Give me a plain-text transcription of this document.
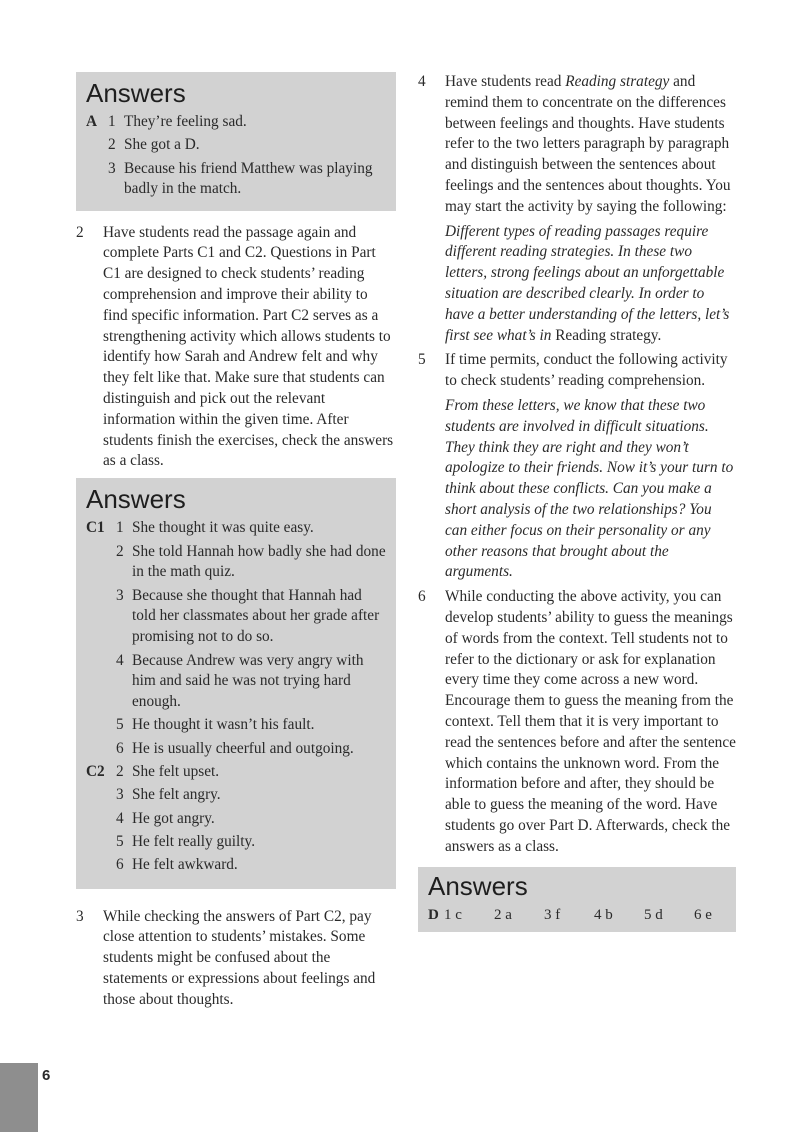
6
Answers
A 1 They’re feeling sad.
2 She got a D.
3 Because his friend Matthew was playing badly in the match.
2	Have students read the passage again and complete Parts C1 and C2. Questions in Part C1 are designed to check students’ reading comprehension and improve their ability to find specific information. Part C2 serves as a strengthening activity which allows students to identify how Sarah and Andrew felt and why they felt like that. Make sure that students can distinguish and pick out the relevant information within the given time. After students finish the exercises, check the answers as a class.

Answers
C1 1 She thought it was quite easy.
2 She told Hannah how badly she had done in the math quiz.
3 Because she thought that Hannah had told her classmates about her grade after promising not to do so.
4 Because Andrew was very angry with him and said he was not trying hard enough.
5 He thought it wasn’t his fault.
6 He is usually cheerful and outgoing.
C2 2 She felt upset.
3 She felt angry.
4 He got angry.
5 He felt really guilty.
6 He felt awkward.
3	While checking the answers of Part C2, pay close attention to students’ mistakes. Some students might be confused about the statements or expressions about feelings and those about thoughts.

4	Have students read Reading strategy and remind them to concentrate on the differences between feelings and thoughts. Have students refer to the two letters paragraph by paragraph and distinguish between the sentences about feelings and the sentences about thoughts. You may start the activity by saying the following:

Different types of reading passages require different reading strategies. In these two letters, strong feelings about an unforgettable situation are described clearly. In order to have a better understanding of the letters, let’s first see what’s in Reading strategy.

5	If time permits, conduct the following activity to check students’ reading comprehension.

From these letters, we know that these two students are involved in difficult situations. They think they are right and they won’t apologize to their friends. Now it’s your turn to think about these conflicts. Can you make a short analysis of the two relationships? You can either focus on their personality or any other reasons that brought about the arguments.

6	While conducting the above activity, you can develop students’ ability to guess the meanings of words from the context. Tell students not to refer to the dictionary or ask for explanation every time they come across a new word. Encourage them to guess the meaning from the context. Tell them that it is very important to read the sentences before and after the sentence which contains the unknown word. From the information before and after, they should be able to guess the meaning of the word. Have students go over Part D. Afterwards, check the answers as a class.

Answers
D 1 c	2 a	3 f	4 b	5 d	6 e
